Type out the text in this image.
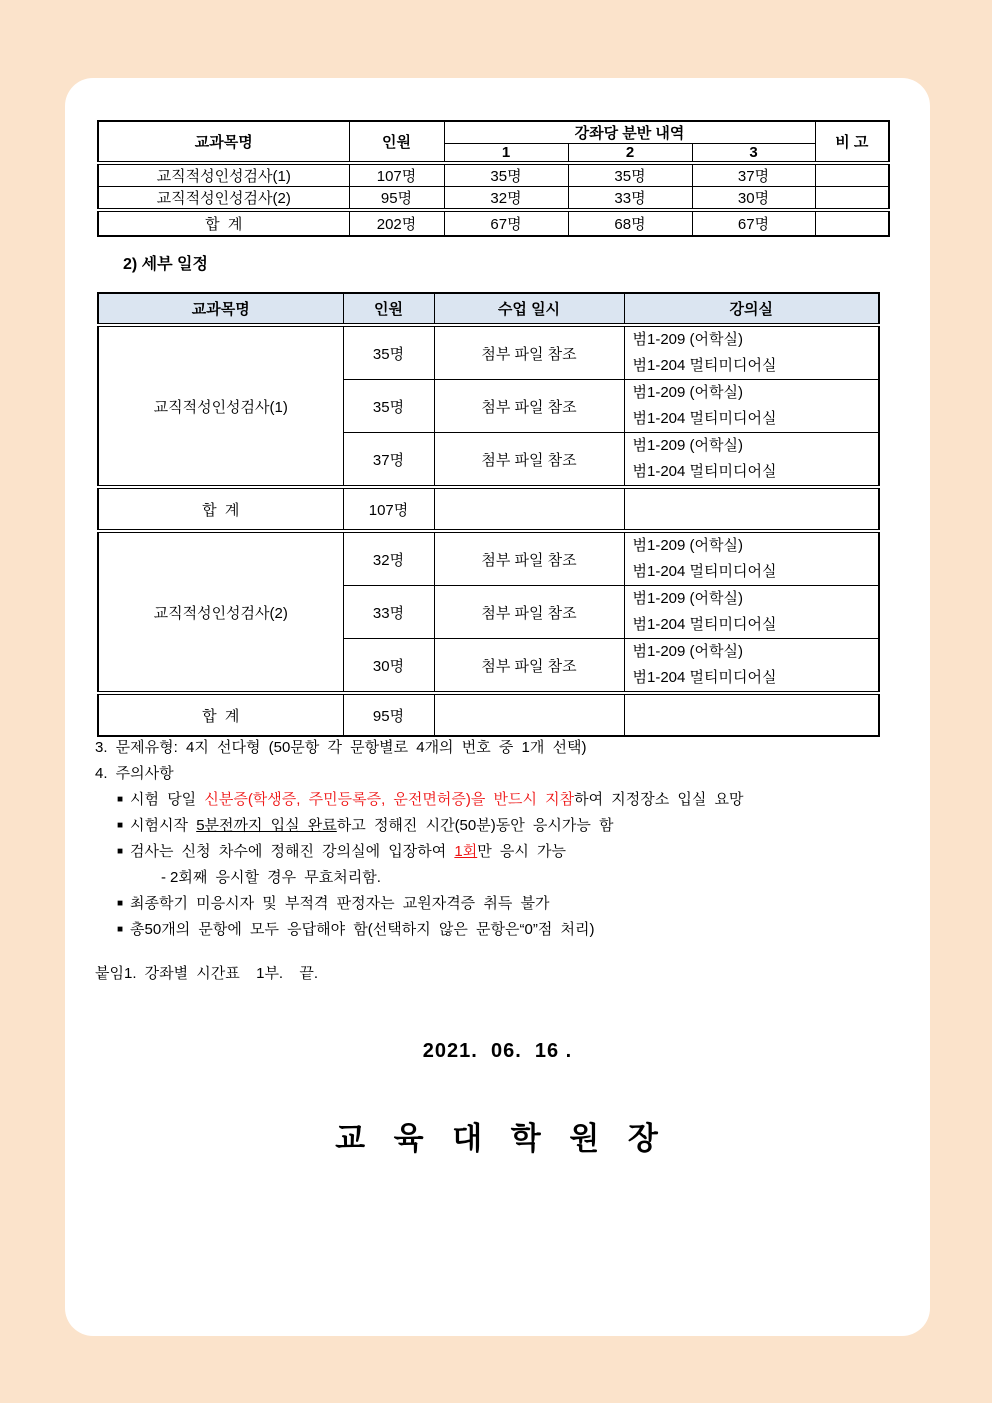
교과목명	인원	강좌당 분반 내역			비 고
		1	2	3	
교직적성인성검사(1)	107명	35명	35명	37명	
교직적성인성검사(2)	95명	32명	33명	30명	
합  계	202명	67명	68명	67명	
2) 세부 일정
교과목명	인원	수업 일시	강의실
교직적성인성검사(1)	35명	첨부 파일 참조	범1-209 (어학실)
범1-204 멀티미디어실

	35명	첨부 파일 참조	범1-209 (어학실)
범1-204 멀티미디어실

	37명	첨부 파일 참조	범1-209 (어학실)
범1-204 멀티미디어실

합  계	107명		
교직적성인성검사(2)	32명	첨부 파일 참조	범1-209 (어학실)
범1-204 멀티미디어실

	33명	첨부 파일 참조	범1-209 (어학실)
범1-204 멀티미디어실

	30명	첨부 파일 참조	범1-209 (어학실)
범1-204 멀티미디어실

합  계	95명		
3. 문제유형: 4지 선다형 (50문항 각 문항별로 4개의 번호 중 1개 선택)
4. 주의사항
■ 시험 당일 신분증(학생증, 주민등록증, 운전면허증)을 반드시 지참하여 지정장소 입실 요망
■ 시험시작 5분전까지 입실 완료하고 정해진 시간(50분)동안 응시가능 함
■ 검사는 신청 차수에 정해진 강의실에 입장하여 1회만 응시 가능
- 2회째 응시할 경우 무효처리함.
■ 최종학기 미응시자 및 부적격 판정자는 교원자격증 취득 불가
■ 총50개의 문항에 모두 응답해야 함(선택하지 않은 문항은“0”점 처리)
붙임1. 강좌별 시간표  1부.  끝.
2021.  06.  16 .
교 육 대 학 원 장
